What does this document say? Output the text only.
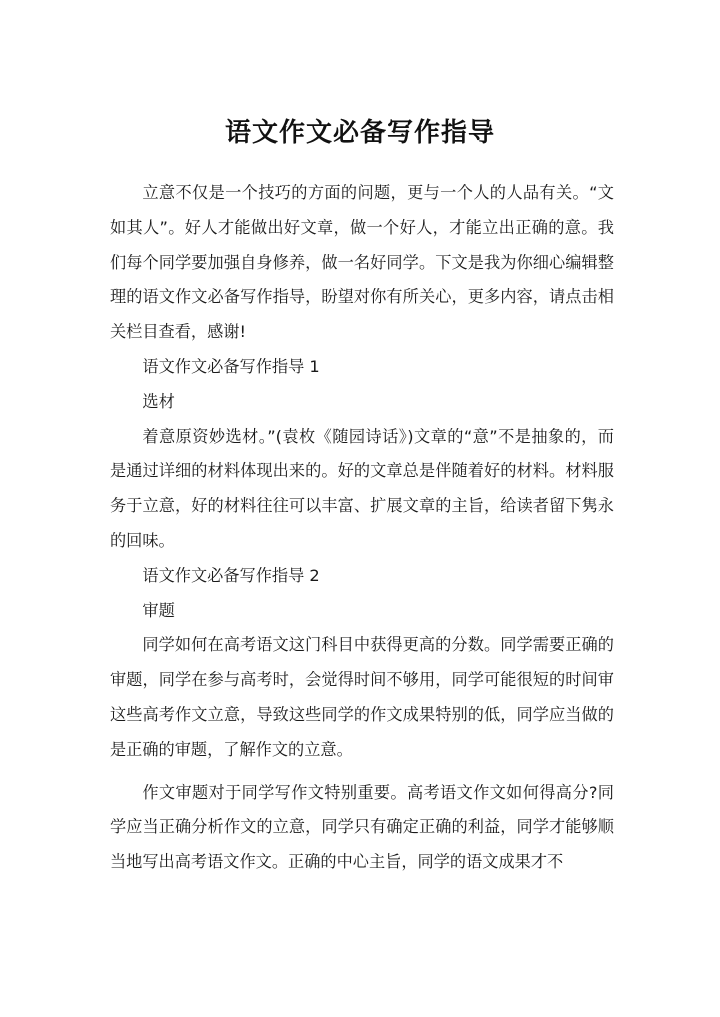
语文作文必备写作指导

立意不仅是一个技巧的方面的问题，更与一个人的人品有关。“文如其人”。好人才能做出好文章，做一个好人，才能立出正确的意。我们每个同学要加强自身修养，做一名好同学。下文是我为你细心编辑整理的语文作文必备写作指导，盼望对你有所关心，更多内容，请点击相关栏目查看，感谢!

语文作文必备写作指导 1

选材

着意原资妙选材。”(袁枚《随园诗话》)文章的“意”不是抽象的，而是通过详细的材料体现出来的。好的文章总是伴随着好的材料。材料服务于立意，好的材料往往可以丰富、扩展文章的主旨，给读者留下隽永的回味。

语文作文必备写作指导 2

审题

同学如何在高考语文这门科目中获得更高的分数。同学需要正确的审题，同学在参与高考时，会觉得时间不够用，同学可能很短的时间审这些高考作文立意，导致这些同学的作文成果特别的低，同学应当做的是正确的审题，了解作文的立意。

作文审题对于同学写作文特别重要。高考语文作文如何得高分?同学应当正确分析作文的立意，同学只有确定正确的利益，同学才能够顺当地写出高考语文作文。正确的中心主旨，同学的语文成果才不
